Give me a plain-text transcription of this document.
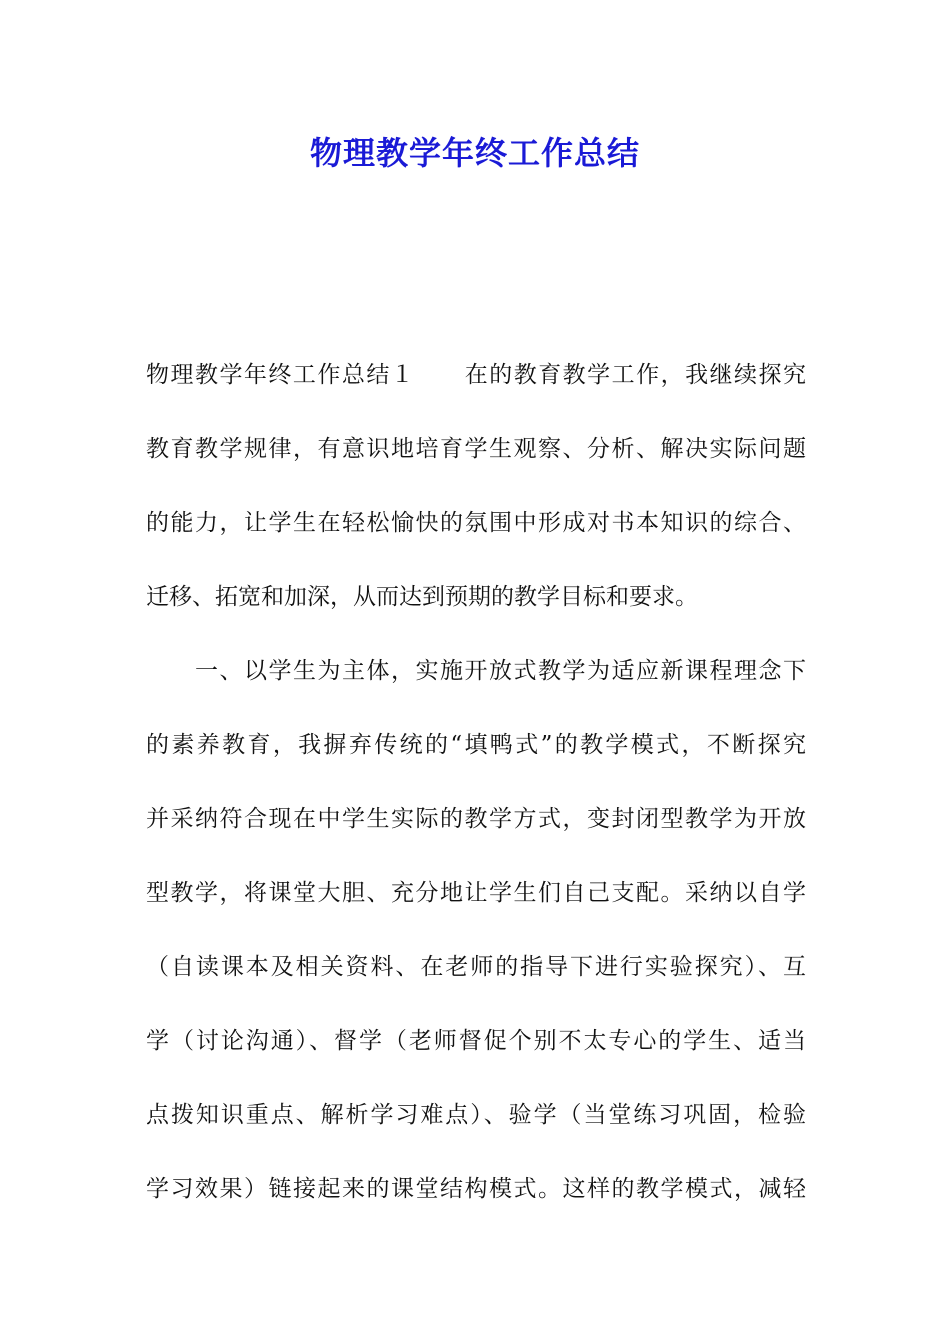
物理教学年终工作总结
物理教学年终工作总结１ 在的教育教学工作，我继续探究
教育教学规律，有意识地培育学生观察、分析、解决实际问题
的能力，让学生在轻松愉快的氛围中形成对书本知识的综合、
迁移、拓宽和加深，从而达到预期的教学目标和要求。
　　一、以学生为主体，实施开放式教学为适应新课程理念下
的素养教育，我摒弃传统的“填鸭式”的教学模式，不断探究
并采纳符合现在中学生实际的教学方式，变封闭型教学为开放
型教学，将课堂大胆、充分地让学生们自己支配。采纳以自学
（自读课本及相关资料、在老师的指导下进行实验探究）、互
学（讨论沟通）、督学（老师督促个别不太专心的学生、适当
点拨知识重点、解析学习难点）、验学（当堂练习巩固，检验
学习效果）链接起来的课堂结构模式。这样的教学模式，减轻
